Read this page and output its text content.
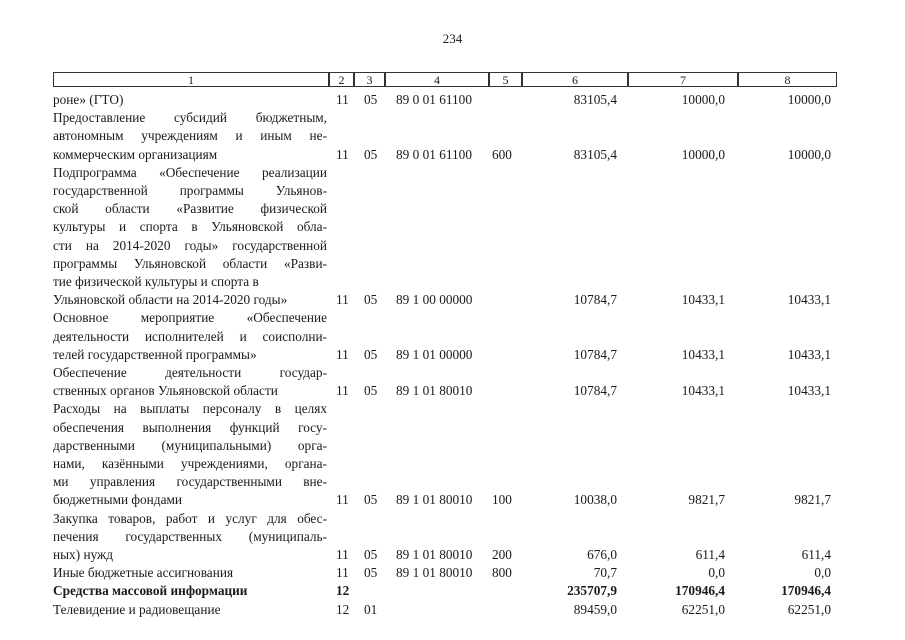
234
1	2	3	4	5	6	7	8
роне» (ГТО)	11 05 89 0 01 61100	83105,4	10000,0	10000,0
Предоставление субсидий бюджетным,
автономным учреждениям и иным не-
коммерческим организациям	11 05 89 0 01 61100 600	83105,4	10000,0	10000,0
Подпрограмма «Обеспечение реализации
государственной программы Ульянов-
ской области «Развитие физической
культуры и спорта в Ульяновской обла-
сти на 2014-2020 годы» государственной
программы Ульяновской области «Разви-
тие физической культуры и спорта в
Ульяновской области на 2014-2020 годы»	11 05 89 1 00 00000	10784,7	10433,1	10433,1
Основное мероприятие «Обеспечение
деятельности исполнителей и соисполни-
телей государственной программы»	11 05 89 1 01 00000	10784,7	10433,1	10433,1
Обеспечение деятельности государ-
ственных органов Ульяновской области	11 05 89 1 01 80010	10784,7	10433,1	10433,1
Расходы на выплаты персоналу в целях
обеспечения выполнения функций госу-
дарственными (муниципальными) орга-
нами, казёнными учреждениями, органа-
ми управления государственными вне-
бюджетными фондами	11 05 89 1 01 80010 100	10038,0	9821,7	9821,7
Закупка товаров, работ и услуг для обес-
печения государственных (муниципаль-
ных) нужд	11 05 89 1 01 80010 200	676,0	611,4	611,4
Иные бюджетные ассигнования	11 05 89 1 01 80010 800	70,7	0,0	0,0
Средства массовой информации	12	235707,9	170946,4	170946,4
Телевидение и радиовещание	12 01	89459,0	62251,0	62251,0
